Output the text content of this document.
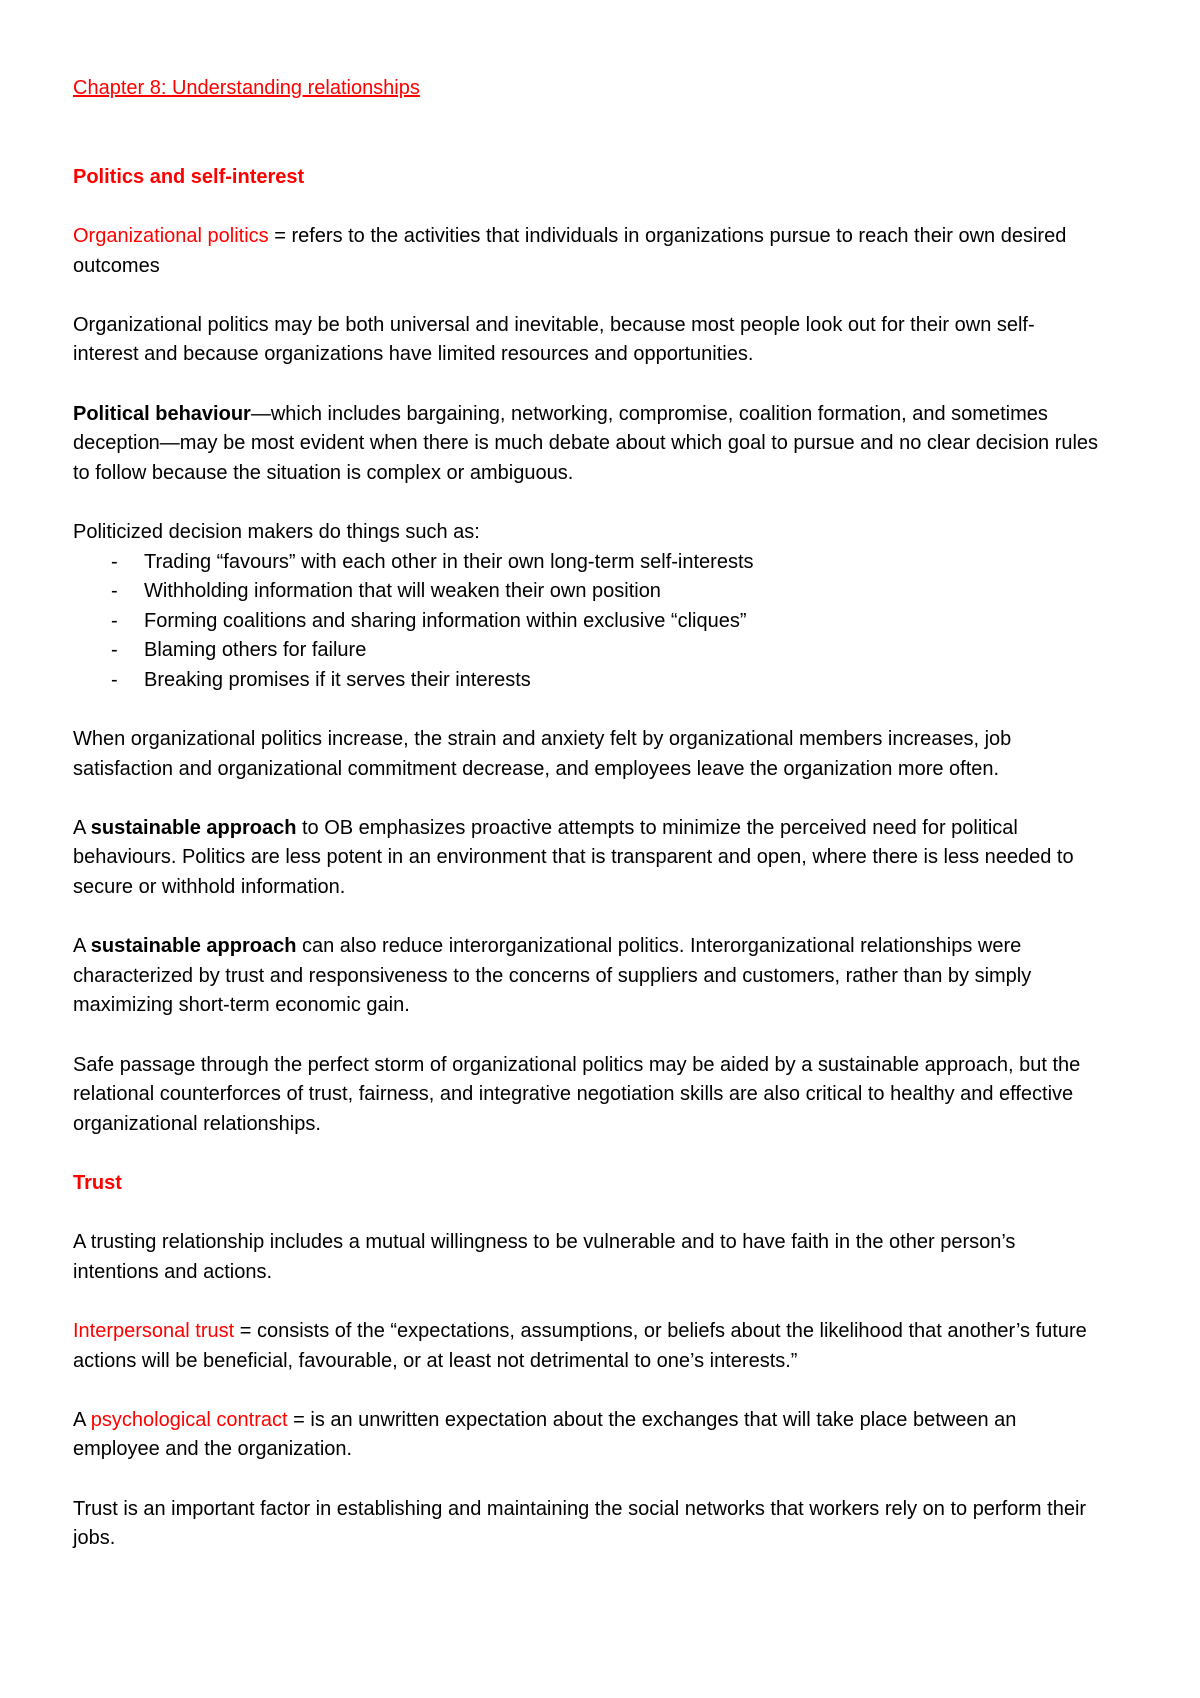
Chapter 8: Understanding relationships
Politics and self-interest

Organizational politics = refers to the activities that individuals in organizations pursue to reach their own desired outcomes

Organizational politics may be both universal and inevitable, because most people look out for their own self-interest and because organizations have limited resources and opportunities.

Political behaviour—which includes bargaining, networking, compromise, coalition formation, and sometimes deception—may be most evident when there is much debate about which goal to pursue and no clear decision rules to follow because the situation is complex or ambiguous.

Politicized decision makers do things such as:

- Trading “favours” with each other in their own long-term self-interests
- Withholding information that will weaken their own position
- Forming coalitions and sharing information within exclusive “cliques”
- Blaming others for failure
- Breaking promises if it serves their interests

When organizational politics increase, the strain and anxiety felt by organizational members increases, job satisfaction and organizational commitment decrease, and employees leave the organization more often.

A sustainable approach to OB emphasizes proactive attempts to minimize the perceived need for political behaviours. Politics are less potent in an environment that is transparent and open, where there is less needed to secure or withhold information.

A sustainable approach can also reduce interorganizational politics. Interorganizational relationships were characterized by trust and responsiveness to the concerns of suppliers and customers, rather than by simply maximizing short-term economic gain.

Safe passage through the perfect storm of organizational politics may be aided by a sustainable approach, but the relational counterforces of trust, fairness, and integrative negotiation skills are also critical to healthy and effective organizational relationships.

Trust

A trusting relationship includes a mutual willingness to be vulnerable and to have faith in the other person’s intentions and actions.

Interpersonal trust = consists of the “expectations, assumptions, or beliefs about the likelihood that another’s future actions will be beneficial, favourable, or at least not detrimental to one’s interests.”

A psychological contract = is an unwritten expectation about the exchanges that will take place between an employee and the organization.

Trust is an important factor in establishing and maintaining the social networks that workers rely on to perform their jobs.
